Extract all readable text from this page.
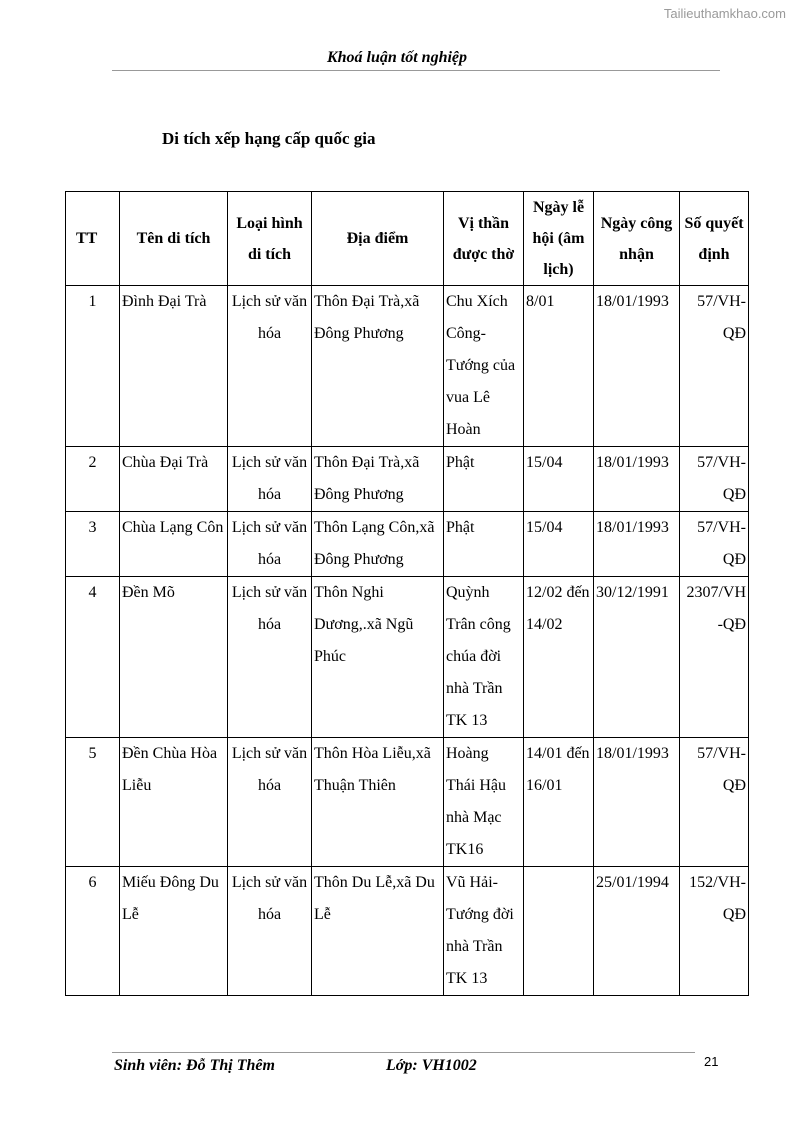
Tailieuthamkhao.com
Khoá luận tốt nghiệp
Di tích xếp hạng cấp quốc gia
TT	Tên di tích	Loại hình di tích	Địa điểm	Vị thần được thờ	Ngày lễ hội (âm lịch)	Ngày công nhận	Số quyết định
1	Đình Đại Trà	Lịch sử văn hóa	Thôn Đại Trà,xã Đông Phương	Chu Xích Công-Tướng của vua Lê Hoàn	8/01	18/01/1993	57/VH-QĐ
2	Chùa Đại Trà	Lịch sử văn hóa	Thôn Đại Trà,xã Đông Phương	Phật	15/04	18/01/1993	57/VH-QĐ
3	Chùa Lạng Côn	Lịch sử văn hóa	Thôn Lạng Côn,xã Đông Phương	Phật	15/04	18/01/1993	57/VH-QĐ
4	Đền Mõ	Lịch sử văn hóa	Thôn Nghi Dương,.xã Ngũ Phúc	Quỳnh Trân công chúa đời nhà Trần TK 13	12/02 đến 14/02	30/12/1991	2307/VH-QĐ
5	Đền Chùa Hòa Liễu	Lịch sử văn hóa	Thôn Hòa Liễu,xã Thuận Thiên	Hoàng Thái Hậu nhà Mạc TK16	14/01 đến 16/01	18/01/1993	57/VH-QĐ
6	Miếu Đông Du Lễ	Lịch sử văn hóa	Thôn Du Lễ,xã Du Lễ	Vũ Hải-Tướng đời nhà Trần TK 13		25/01/1994	152/VH-QĐ
Sinh viên: Đỗ Thị Thêm	Lớp: VH1002	21
